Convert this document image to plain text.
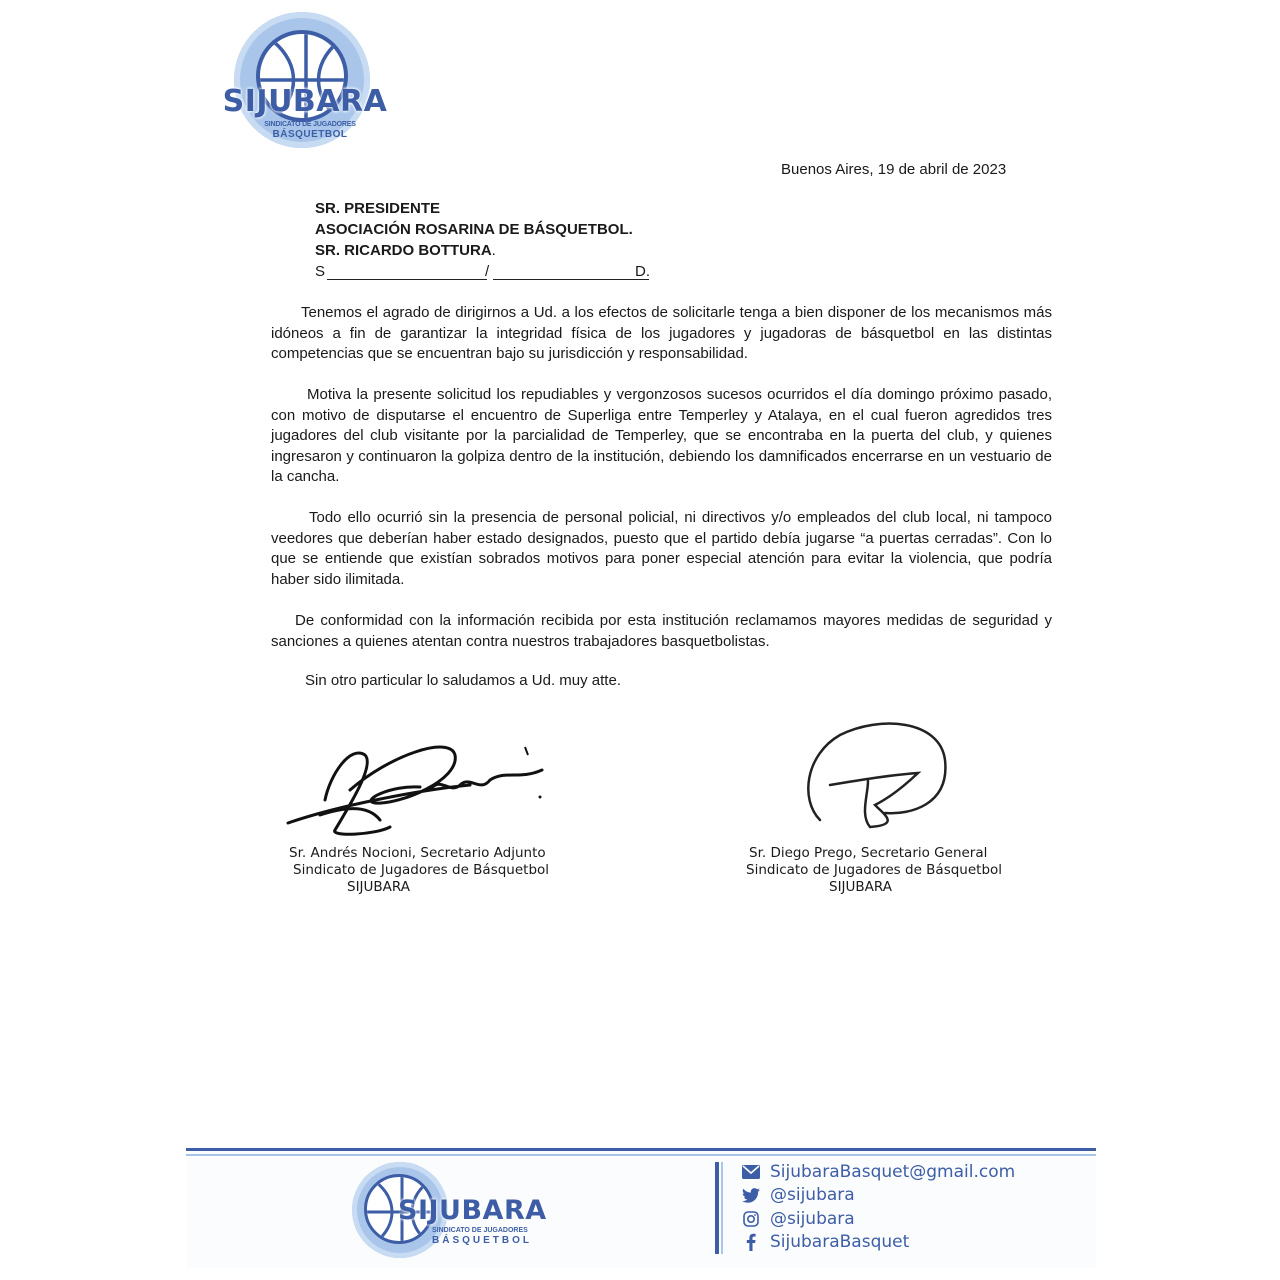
SIJUBARA
SINDICATO DE JUGADORES
BÁSQUETBOL
Buenos Aires, 19 de abril de 2023
SR. PRESIDENTE
ASOCIACIÓN ROSARINA DE BÁSQUETBOL.
SR. RICARDO BOTTURA.
S	/	D.

Tenemos el agrado de dirigirnos a Ud. a los efectos de solicitarle tenga a bien disponer de los mecanismos más idóneos a fin de garantizar la integridad física de los jugadores y jugadoras de básquetbol en las distintas competencias que se encuentran bajo su jurisdicción y responsabilidad.

Motiva la presente solicitud los repudiables y vergonzosos sucesos ocurridos el día domingo próximo pasado, con motivo de disputarse el encuentro de Superliga entre Temperley y Atalaya, en el cual fueron agredidos tres jugadores del club visitante por la parcialidad de Temperley, que se encontraba en la puerta del club, y quienes ingresaron y continuaron la golpiza dentro de la institución, debiendo los damnificados encerrarse en un vestuario de la cancha.

Todo ello ocurrió sin la presencia de personal policial, ni directivos y/o empleados del club local, ni tampoco veedores que deberían haber estado designados, puesto que el partido debía jugarse “a puertas cerradas”. Con lo que se entiende que existían sobrados motivos para poner especial atención para evitar la violencia, que podría haber sido ilimitada.

De conformidad con la información recibida por esta institución reclamamos mayores medidas de seguridad y sanciones a quienes atentan contra nuestros trabajadores basquetbolistas.

Sin otro particular lo saludamos a Ud. muy atte.
Sr. Andrés Nocioni, Secretario Adjunto
Sindicato de Jugadores de Básquetbol
SIJUBARA
Sr. Diego Prego, Secretario General
Sindicato de Jugadores de Básquetbol
SIJUBARA
SIJUBARA
SINDICATO DE JUGADORES
BÁSQUETBOL
SijubaraBasquet@gmail.com
@sijubara
@sijubara
SijubaraBasquet
